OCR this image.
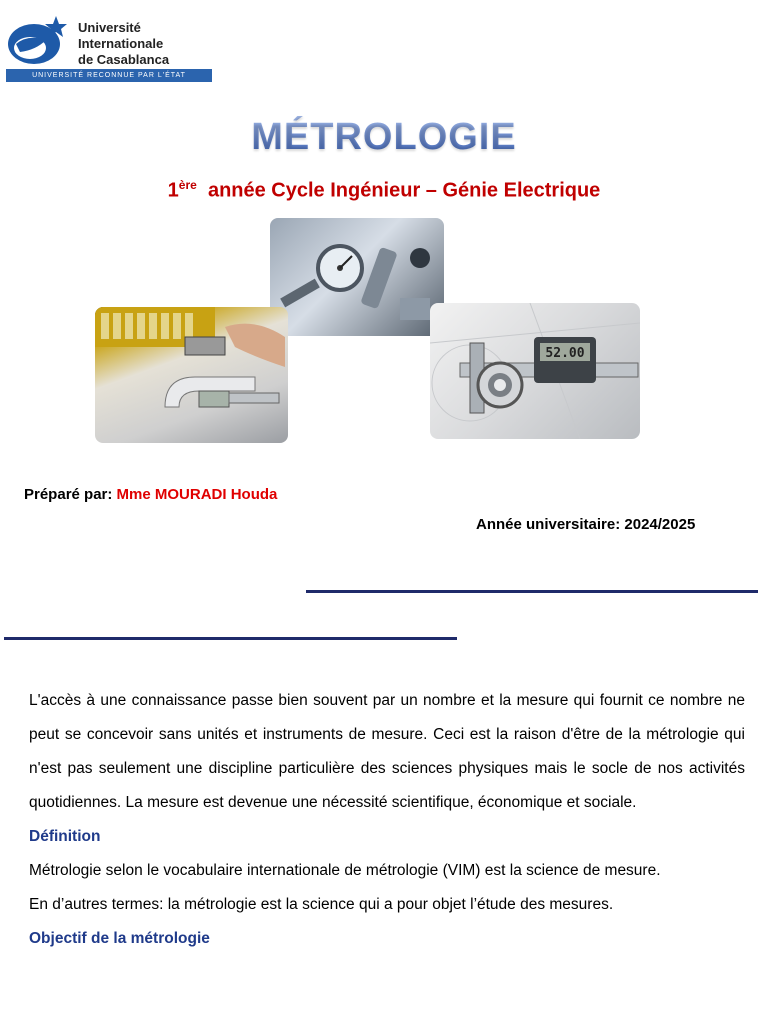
Université Internationale
de Casablanca
UNIVERSITÉ RECONNUE PAR L'ÉTAT
MÉTROLOGIE
1ère  année Cycle Ingénieur – Génie Electrique
52.00
Préparé par: Mme MOURADI Houda
Année universitaire: 2024/2025

L'accès à une connaissance passe bien souvent par un nombre et la mesure qui fournit ce nombre ne peut se concevoir sans unités et instruments de mesure. Ceci est la raison d'être de la métrologie qui n'est pas seulement une discipline particulière des sciences physiques mais le socle de nos activités quotidiennes. La mesure est devenue une nécessité scientifique, économique et sociale.

Définition

Métrologie selon le vocabulaire internationale de métrologie (VIM) est la science de mesure.

En d’autres termes: la métrologie est la science qui a pour objet l’étude des mesures.

Objectif de la métrologie
